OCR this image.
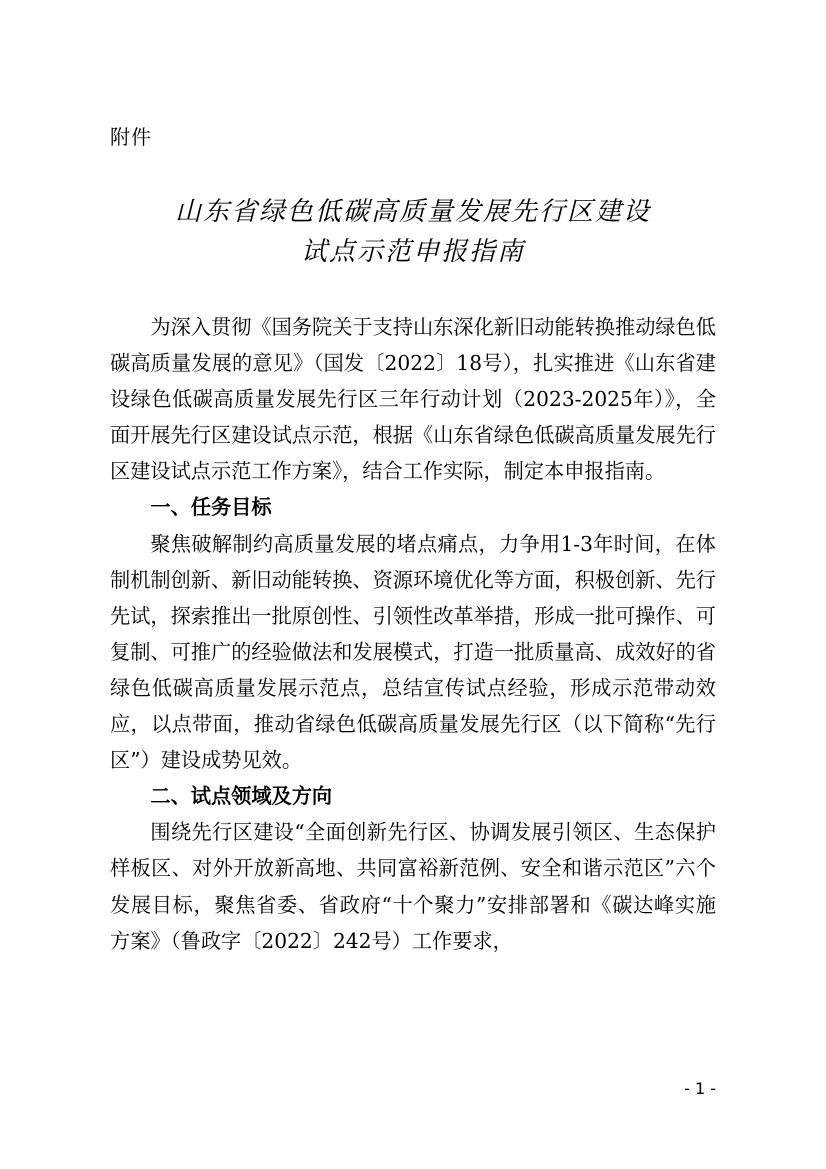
附件
山东省绿色低碳高质量发展先行区建设
试点示范申报指南

为深入贯彻《国务院关于支持山东深化新旧动能转换推动绿色低碳高质量发展的意见》（国发〔2022〕18号），扎实推进《山东省建设绿色低碳高质量发展先行区三年行动计划（2023-2025年）》，全面开展先行区建设试点示范，根据《山东省绿色低碳高质量发展先行区建设试点示范工作方案》，结合工作实际，制定本申报指南。

一、任务目标

聚焦破解制约高质量发展的堵点痛点，力争用1-3年时间，在体制机制创新、新旧动能转换、资源环境优化等方面，积极创新、先行先试，探索推出一批原创性、引领性改革举措，形成一批可操作、可复制、可推广的经验做法和发展模式，打造一批质量高、成效好的省绿色低碳高质量发展示范点，总结宣传试点经验，形成示范带动效应，以点带面，推动省绿色低碳高质量发展先行区（以下简称“先行区”）建设成势见效。

二、试点领域及方向

围绕先行区建设“全面创新先行区、协调发展引领区、生态保护样板区、对外开放新高地、共同富裕新范例、安全和谐示范区”六个发展目标，聚焦省委、省政府“十个聚力”安排部署和《碳达峰实施方案》（鲁政字〔2022〕242号）工作要求，

- 1 -
